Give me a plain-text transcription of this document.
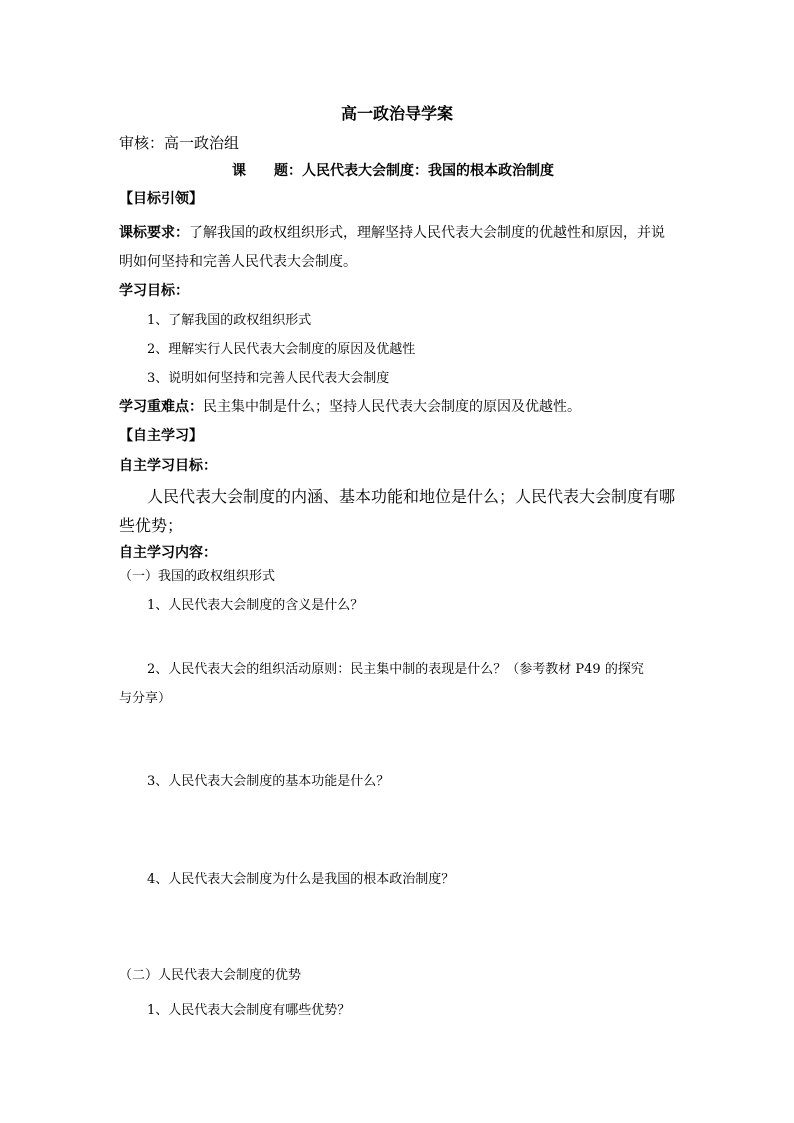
高一政治导学案
审核：高一政治组
课　　题：人民代表大会制度：我国的根本政治制度
【目标引领】
课标要求：了解我国的政权组织形式，理解坚持人民代表大会制度的优越性和原因，并说
明如何坚持和完善人民代表大会制度。
学习目标：
1、了解我国的政权组织形式
2、理解实行人民代表大会制度的原因及优越性
3、说明如何坚持和完善人民代表大会制度
学习重难点：民主集中制是什么；坚持人民代表大会制度的原因及优越性。
【自主学习】
自主学习目标：
人民代表大会制度的内涵、基本功能和地位是什么；人民代表大会制度有哪
些优势；
自主学习内容：
（一）我国的政权组织形式
1、人民代表大会制度的含义是什么？
2、人民代表大会的组织活动原则：民主集中制的表现是什么？（参考教材 P49 的探究
与分享）
3、人民代表大会制度的基本功能是什么？
4、人民代表大会制度为什么是我国的根本政治制度？
（二）人民代表大会制度的优势
1、人民代表大会制度有哪些优势？
